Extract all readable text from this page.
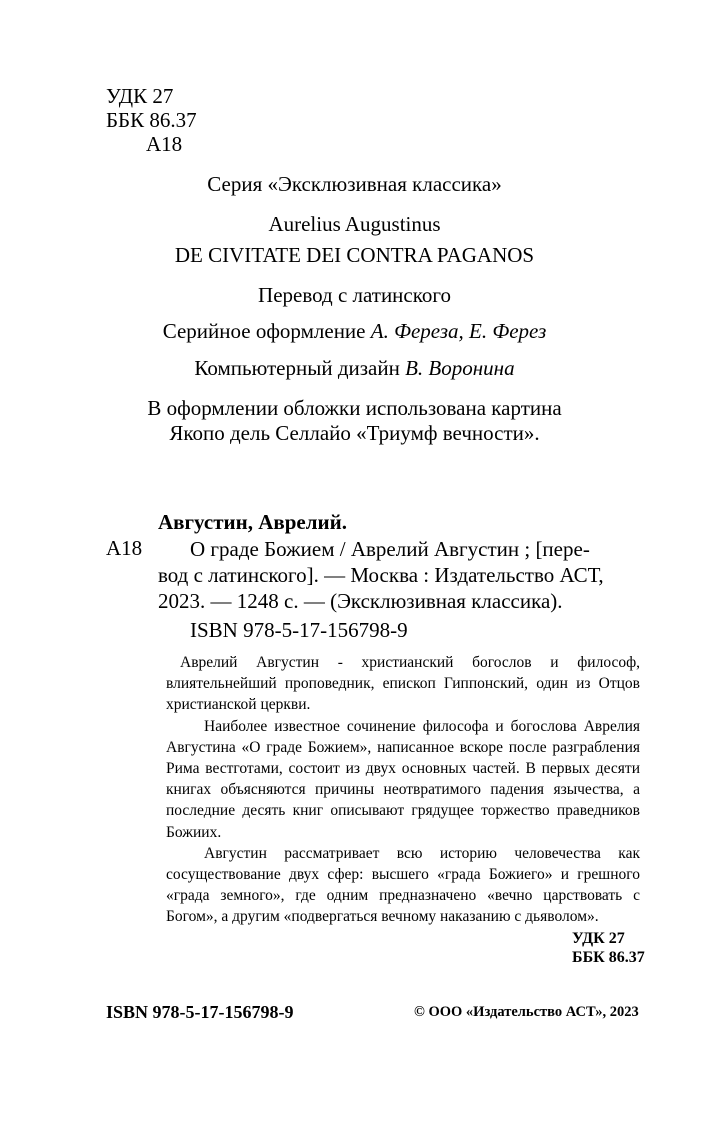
УДК 27
ББК 86.37
А18
Серия «Эксклюзивная классика»
Aurelius Augustinus
DE CIVITATE DEI CONTRA PAGANOS
Перевод с латинского
Серийное оформление А. Фереза, Е. Ферез
Компьютерный дизайн В. Воронина
В оформлении обложки использована картина
Якопо дель Селлайо «Триумф вечности».
Августин, Аврелий.
А18	О граде Божием / Аврелий Августин ; [пере-
вод с латинского]. — Москва : Издательство АСТ,
2023. — 1248 с. — (Эксклюзивная классика).
ISBN 978-5-17-156798-9

Аврелий Августин - христианский богослов и философ, влиятельнейший проповедник, епископ Гиппонский, один из Отцов христианской церкви.

Наиболее известное сочинение философа и богослова Аврелия Августина «О граде Божием», написанное вскоре после разграбления Рима вестготами, состоит из двух основных частей. В первых десяти книгах объясняются причины неотвратимого падения язычества, а последние десять книг описывают грядущее торжество праведников Божиих.

Августин рассматривает всю историю человечества как сосуществование двух сфер: высшего «града Божиего» и грешного «града земного», где одним предназначено «вечно царствовать с Богом», а другим «подвергаться вечному наказанию с дьяволом».

УДК 27
ББК 86.37
ISBN 978-5-17-156798-9	© ООО «Издательство АСТ», 2023
